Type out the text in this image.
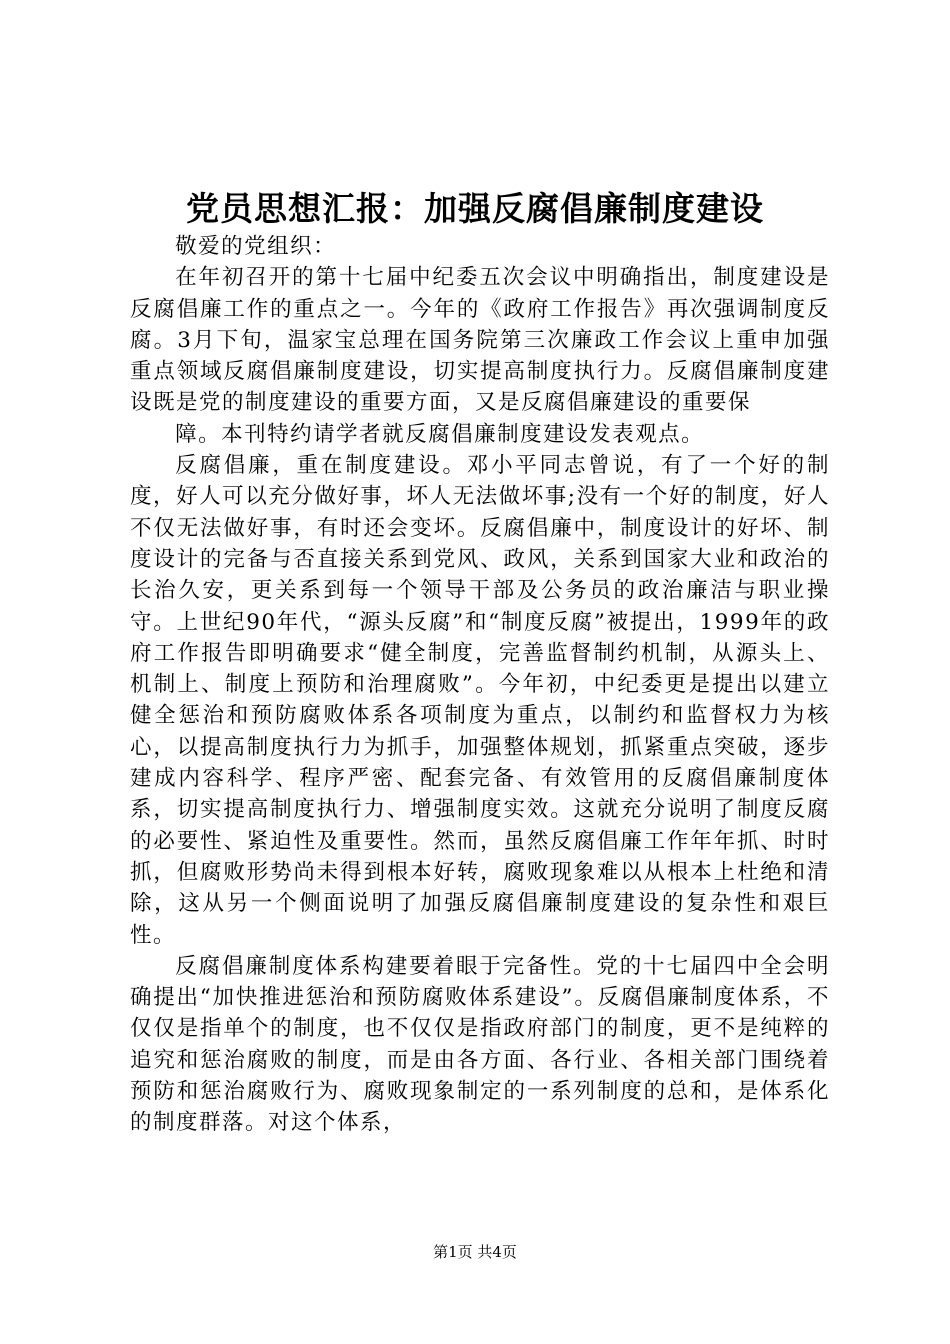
党员思想汇报：加强反腐倡廉制度建设

敬爱的党组织：

在年初召开的第十七届中纪委五次会议中明确指出，制度建设是反腐倡廉工作的重点之一。今年的《政府工作报告》再次强调制度反腐。3月下旬，温家宝总理在国务院第三次廉政工作会议上重申加强重点领域反腐倡廉制度建设，切实提高制度执行力。反腐倡廉制度建设既是党的制度建设的重要方面，又是反腐倡廉建设的重要保

障。本刊特约请学者就反腐倡廉制度建设发表观点。

反腐倡廉，重在制度建设。邓小平同志曾说，有了一个好的制度，好人可以充分做好事，坏人无法做坏事;没有一个好的制度，好人不仅无法做好事，有时还会变坏。反腐倡廉中，制度设计的好坏、制度设计的完备与否直接关系到党风、政风，关系到国家大业和政治的长治久安，更关系到每一个领导干部及公务员的政治廉洁与职业操守。上世纪90年代，“源头反腐”和“制度反腐”被提出，1999年的政府工作报告即明确要求“健全制度，完善监督制约机制，从源头上、机制上、制度上预防和治理腐败”。今年初，中纪委更是提出以建立健全惩治和预防腐败体系各项制度为重点，以制约和监督权力为核心，以提高制度执行力为抓手，加强整体规划，抓紧重点突破，逐步建成内容科学、程序严密、配套完备、有效管用的反腐倡廉制度体系，切实提高制度执行力、增强制度实效。这就充分说明了制度反腐的必要性、紧迫性及重要性。然而，虽然反腐倡廉工作年年抓、时时抓，但腐败形势尚未得到根本好转，腐败现象难以从根本上杜绝和清除，这从另一个侧面说明了加强反腐倡廉制度建设的复杂性和艰巨性。

反腐倡廉制度体系构建要着眼于完备性。党的十七届四中全会明确提出“加快推进惩治和预防腐败体系建设”。反腐倡廉制度体系，不仅仅是指单个的制度，也不仅仅是指政府部门的制度，更不是纯粹的追究和惩治腐败的制度，而是由各方面、各行业、各相关部门围绕着预防和惩治腐败行为、腐败现象制定的一系列制度的总和，是体系化的制度群落。对这个体系，

第1页 共4页
